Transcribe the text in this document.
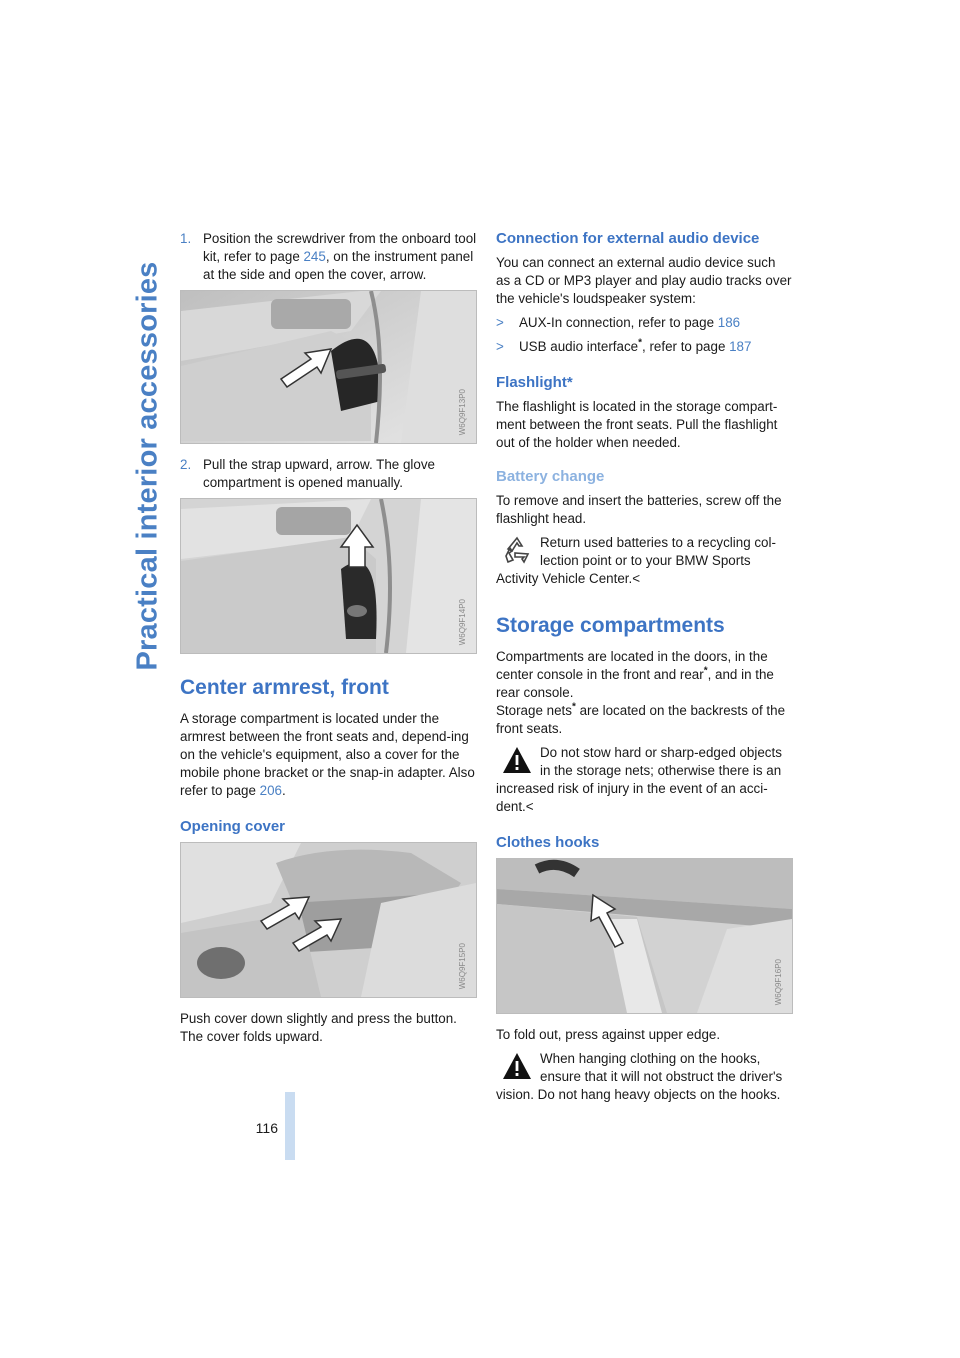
Practical interior accessories
1. Position the screwdriver from the onboard tool kit, refer to page 245, on the instrument panel at the side and open the cover, arrow.
W6Q9F13P0
2. Pull the strap upward, arrow. The glove compartment is opened manually.
W6Q9F14P0
Center armrest, front

A storage compartment is located under the armrest between the front seats and, depend-ing on the vehicle's equipment, also a cover for the mobile phone bracket or the snap-in adapter. Also refer to page 206.

Opening cover
W6Q9F15P0

Push cover down slightly and press the button. The cover folds upward.

Connection for external audio device

You can connect an external audio device such as a CD or MP3 player and play audio tracks over the vehicle's loudspeaker system:

>	AUX-In connection, refer to page 186
>	USB audio interface*, refer to page 187
Flashlight*

The flashlight is located in the storage compart-ment between the front seats. Pull the flashlight out of the holder when needed.

Battery change

To remove and insert the batteries, screw off the flashlight head.

Return used batteries to a recycling col-lection point or to your BMW Sports Activity Vehicle Center.<
Storage compartments

Compartments are located in the doors, in the center console in the front and rear*, and in the rear console.

Storage nets* are located on the backrests of the front seats.

Do not stow hard or sharp-edged objects in the storage nets; otherwise there is an increased risk of injury in the event of an acci-dent.<
Clothes hooks
W6Q9F16P0

To fold out, press against upper edge.

When hanging clothing on the hooks, ensure that it will not obstruct the driver's vision. Do not hang heavy objects on the hooks.
116
